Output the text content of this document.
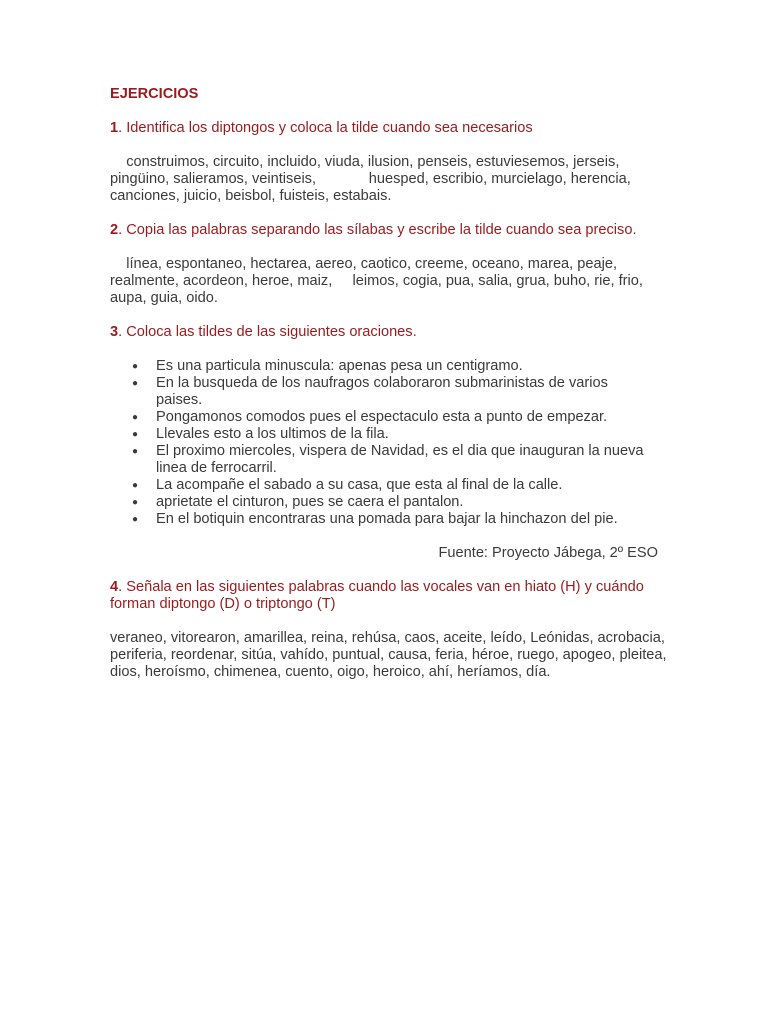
EJERCICIOS
1. Identifica los diptongos y coloca la tilde cuando sea necesarios
construimos, circuito, incluido, viuda, ilusion, penseis, estuviesemos, jerseis, pingüino, salieramos, veintiseis,             huesped, escribio, murcielago, herencia, canciones, juicio, beisbol, fuisteis, estabais.
2. Copia las palabras separando las sílabas y escribe la tilde cuando sea preciso.
línea, espontaneo, hectarea, aereo, caotico, creeme, oceano, marea, peaje, realmente, acordeon, heroe, maiz,     leimos, cogia, pua, salia, grua, buho, rie, frio, aupa, guia, oido.
3. Coloca las tildes de las siguientes oraciones.
● Es una particula minuscula: apenas pesa un centigramo.
● En la busqueda de los naufragos colaboraron submarinistas de varios paises.
● Pongamonos comodos pues el espectaculo esta a punto de empezar.
● Llevales esto a los ultimos de la fila.
● El proximo miercoles, vispera de Navidad, es el dia que inauguran la nueva linea de ferrocarril.
● La acompañe el sabado a su casa, que esta al final de la calle.
● aprietate el cinturon, pues se caera el pantalon.
● En el botiquin encontraras una pomada para bajar la hinchazon del pie.
Fuente: Proyecto Jábega, 2º ESO
4. Señala en las siguientes palabras cuando las vocales van en hiato (H) y cuándo forman diptongo (D) o triptongo (T)
veraneo, vitorearon, amarillea, reina, rehúsa, caos, aceite, leído, Leónidas, acrobacia, periferia, reordenar, sitúa, vahído, puntual, causa, feria, héroe, ruego, apogeo, pleitea, dios, heroísmo, chimenea, cuento, oigo, heroico, ahí, heríamos, día.
